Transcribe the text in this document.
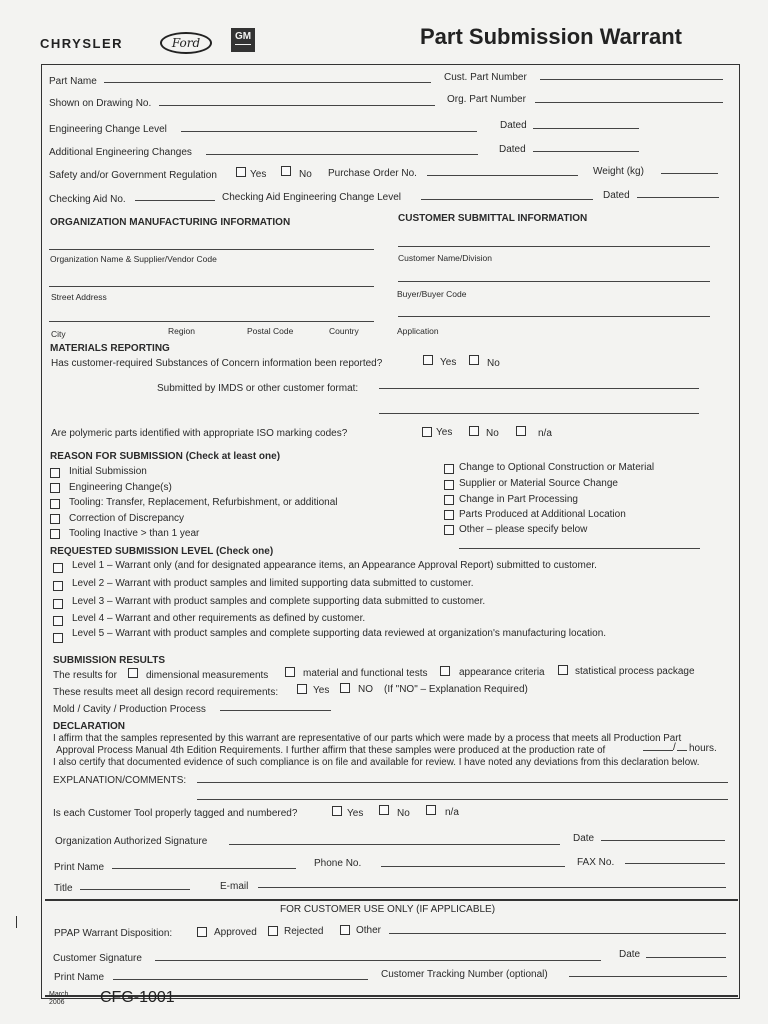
CHRYSLER	Ford	GM	Part Submission Warrant
Part Name	Cust. Part Number
Shown on Drawing No.	Org. Part Number
Engineering Change Level	Dated
Additional Engineering Changes	Dated
Safety and/or Government Regulation	Yes	No Purchase Order No.	Weight (kg)
Checking Aid No.	Checking Aid Engineering Change Level	Dated
ORGANIZATION MANUFACTURING INFORMATION	CUSTOMER SUBMITTAL INFORMATION
Organization Name & Supplier/Vendor Code	Customer Name/Division
Street Address	Buyer/Buyer Code
City	Region	Postal Code	Country	Application
MATERIALS REPORTING
Has customer-required Substances of Concern information been reported?	Yes	No
Submitted by IMDS or other customer format:
Are polymeric parts identified with appropriate ISO marking codes?	Yes	No	n/a
REASON FOR SUBMISSION (Check at least one)
Initial Submission
Engineering Change(s)
Tooling: Transfer, Replacement, Refurbishment, or additional
Correction of Discrepancy
Tooling Inactive > than 1 year
Change to Optional Construction or Material
Supplier or Material Source Change
Change in Part Processing
Parts Produced at Additional Location
Other – please specify below
REQUESTED SUBMISSION LEVEL (Check one)
Level 1 – Warrant only (and for designated appearance items, an Appearance Approval Report) submitted to customer.
Level 2 – Warrant with product samples and limited supporting data submitted to customer.
Level 3 – Warrant with product samples and complete supporting data submitted to customer.
Level 4 – Warrant and other requirements as defined by customer.
Level 5 – Warrant with product samples and complete supporting data reviewed at organization's manufacturing location.
SUBMISSION RESULTS
The results for	dimensional measurements	material and functional tests	appearance criteria	statistical process package
These results meet all design record requirements:	Yes	NO (If "NO" – Explanation Required)
Mold / Cavity / Production Process
DECLARATION
I affirm that the samples represented by this warrant are representative of our parts which were made by a process that meets all Production Part
Approval Process Manual 4th Edition Requirements. I further affirm that these samples were produced at the production rate of	/ hours.
I also certify that documented evidence of such compliance is on file and available for review. I have noted any deviations from this declaration below.
EXPLANATION/COMMENTS:
Is each Customer Tool properly tagged and numbered?	Yes	No	n/a
Organization Authorized Signature	Date
Print Name	Phone No.	FAX No.
Title	E-mail
FOR CUSTOMER USE ONLY (IF APPLICABLE)
PPAP Warrant Disposition:	Approved	Rejected	Other
Customer Signature	Date
Print Name	Customer Tracking Number (optional)
March 2006	CFG-1001
